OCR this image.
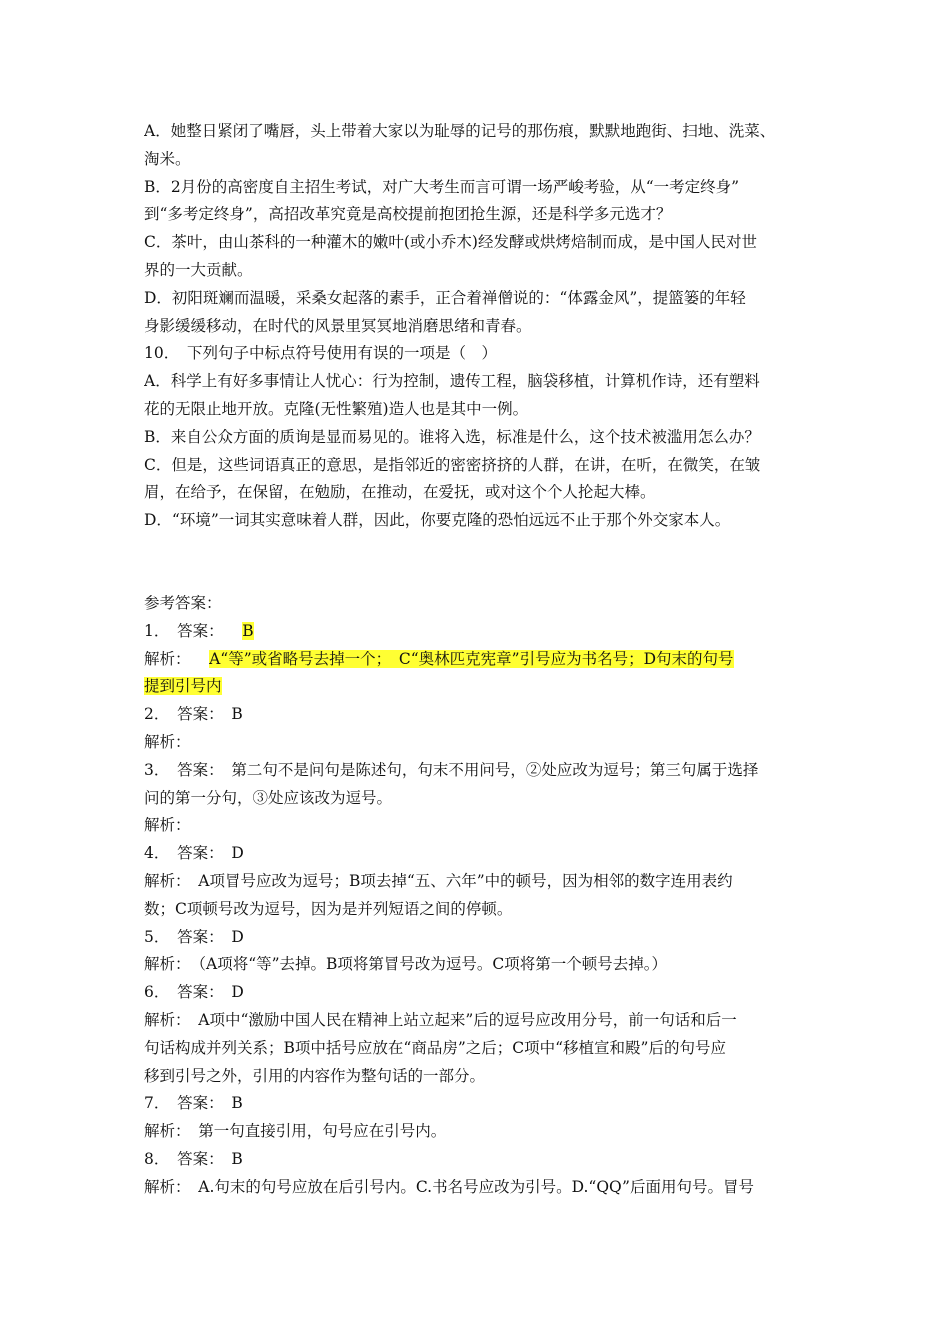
A．她整日紧闭了嘴唇，头上带着大家以为耻辱的记号的那伤痕，默默地跑街、扫地、洗菜、
淘米。
B．2月份的高密度自主招生考试，对广大考生而言可谓一场严峻考验，从“一考定终身”
到“多考定终身”，高招改革究竟是高校提前抱团抢生源，还是科学多元选才？
C．茶叶，由山茶科的一种灌木的嫩叶(或小乔木)经发酵或烘烤焙制而成，是中国人民对世
界的一大贡献。
D．初阳斑斓而温暖，采桑女起落的素手，正合着禅僧说的：“体露金风”，提篮篓的年轻
身影缓缓移动，在时代的风景里冥冥地消磨思绪和青春。
10．　下列句子中标点符号使用有误的一项是（　）
A．科学上有好多事情让人忧心：行为控制，遗传工程，脑袋移植，计算机作诗，还有塑料
花的无限止地开放。克隆(无性繁殖)造人也是其中一例。
B．来自公众方面的质询是显而易见的。谁将入选，标准是什么，这个技术被滥用怎么办？
C．但是，这些词语真正的意思，是指邻近的密密挤挤的人群，在讲，在听，在微笑，在皱
眉，在给予，在保留，在勉励，在推动，在爱抚，或对这个个人抡起大棒。
D．“环境”一词其实意味着人群，因此，你要克隆的恐怕远远不止于那个外交家本人。
参考答案：
1．　答案： B
解析： A“等”或省略号去掉一个；　C“奥林匹克宪章”引号应为书名号；D句末的句号
提到引号内
2．　答案：　B
解析：
3．　答案：　第二句不是问句是陈述句，句末不用问号，②处应改为逗号；第三句属于选择
问的第一分句，③处应该改为逗号。
解析：
4．　答案：　D
解析：　A项冒号应改为逗号；B项去掉“五、六年”中的顿号，因为相邻的数字连用表约
数；C项顿号改为逗号，因为是并列短语之间的停顿。
5．　答案：　D
解析：　（A项将“等”去掉。B项将第冒号改为逗号。C项将第一个顿号去掉。）
6．　答案：　D
解析：　A项中“激励中国人民在精神上站立起来”后的逗号应改用分号，前一句话和后一
句话构成并列关系；B项中括号应放在“商品房”之后；C项中“移植宣和殿”后的句号应
移到引号之外，引用的内容作为整句话的一部分。
7．　答案：　B
解析：　第一句直接引用，句号应在引号内。
8．　答案：　B
解析：　A.句末的句号应放在后引号内。C.书名号应改为引号。D.“QQ”后面用句号。冒号
